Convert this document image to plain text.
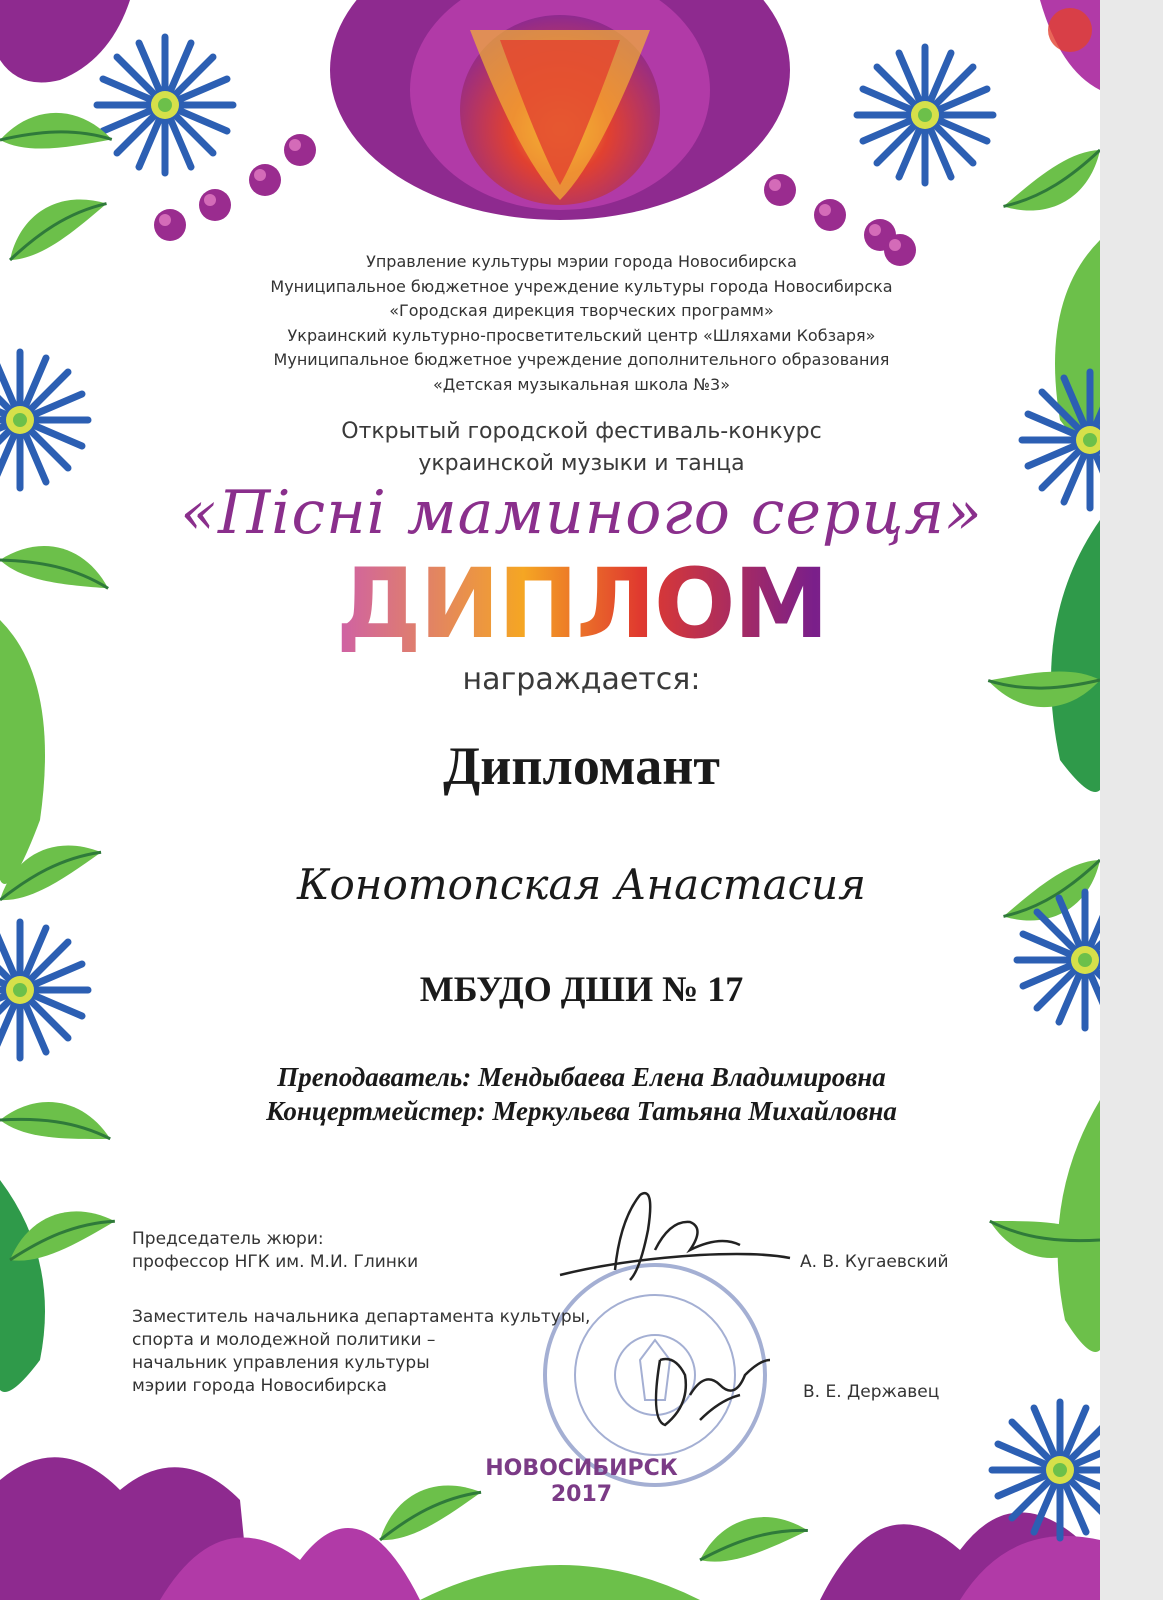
Управление культуры мэрии города Новосибирска
Муниципальное бюджетное учреждение культуры города Новосибирска
«Городская дирекция творческих программ»
Украинский культурно-просветительский центр «Шляхами Кобзаря»
Муниципальное бюджетное учреждение дополнительного образования
«Детская музыкальная школа №3»
Открытый городской фестиваль-конкурс
украинской музыки и танца
«Пісні маминого серця»
ДИПЛОМ
награждается:
Дипломант
Конотопская Анастасия
МБУДО ДШИ № 17
Преподаватель: Мендыбаева Елена Владимировна
Концертмейстер: Меркульева Татьяна Михайловна
Председатель жюри:
профессор НГК им. М.И. Глинки	А. В. Кугаевский
Заместитель начальника департамента культуры,
спорта и молодежной политики –
начальник управления культуры
мэрии города Новосибирска	В. Е. Державец
НОВОСИБИРСК
2017
